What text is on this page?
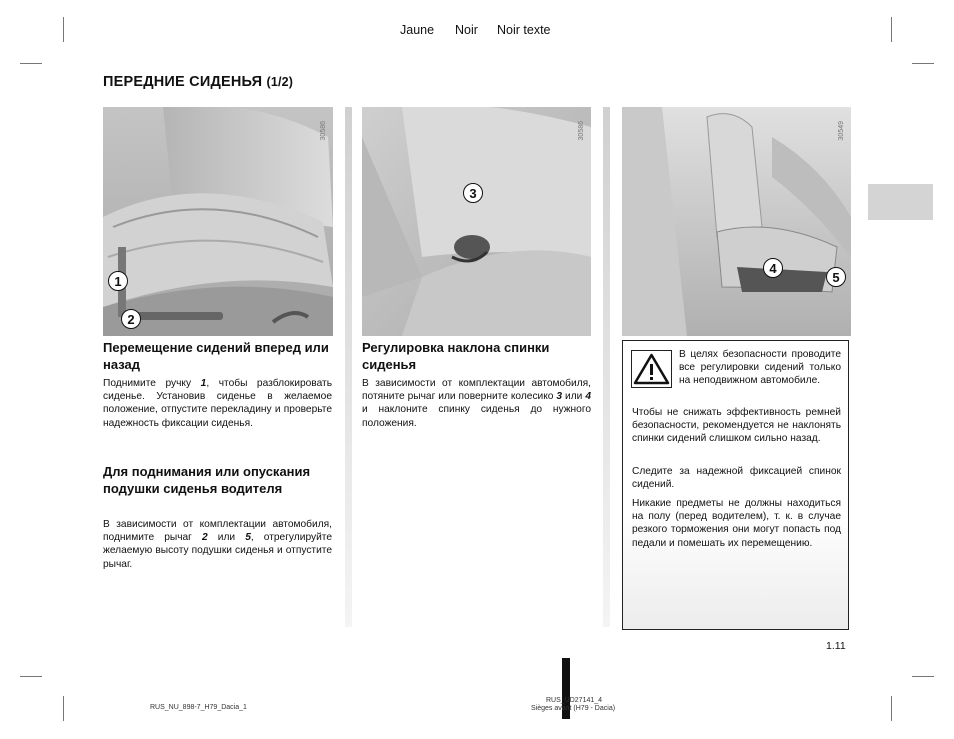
Jaune Noir Noir texte
ПЕРЕДНИЕ СИДЕНЬЯ (1/2)
30586
1
2
30586
3
30549
4
5
Перемещение сидений вперед или назад
Поднимите ручку 1, чтобы разблокировать сиденье. Установив сиденье в желаемое положение, отпустите перекладину и проверьте надежность фиксации сиденья.
Для поднимания или опускания подушки сиденья водителя
В зависимости от комплектации автомобиля, поднимите рычаг 2 или 5, отрегулируйте желаемую высоту подушки сиденья и отпустите рычаг.
Регулировка наклона спинки сиденья
В зависимости от комплектации автомобиля, потяните рычаг или поверните колесико 3 или 4 и наклоните спинку сиденья до нужного положения.
В целях безопасности проводите все регулировки сидений только на неподвижном автомобиле.
Чтобы не снижать эффективность ремней безопасности, рекомендуется не наклонять спинки сидений слишком сильно назад.
Следите за надежной фиксацией спинок сидений.
Никакие предметы не должны находиться на полу (перед водителем), т. к. в случае резкого торможения они могут попасть под педали и помешать их перемещению.
1.11
RUS_NU_898-7_H79_Dacia_1
RUS_UD27141_4
Sièges avant (H79 - Dacia)
